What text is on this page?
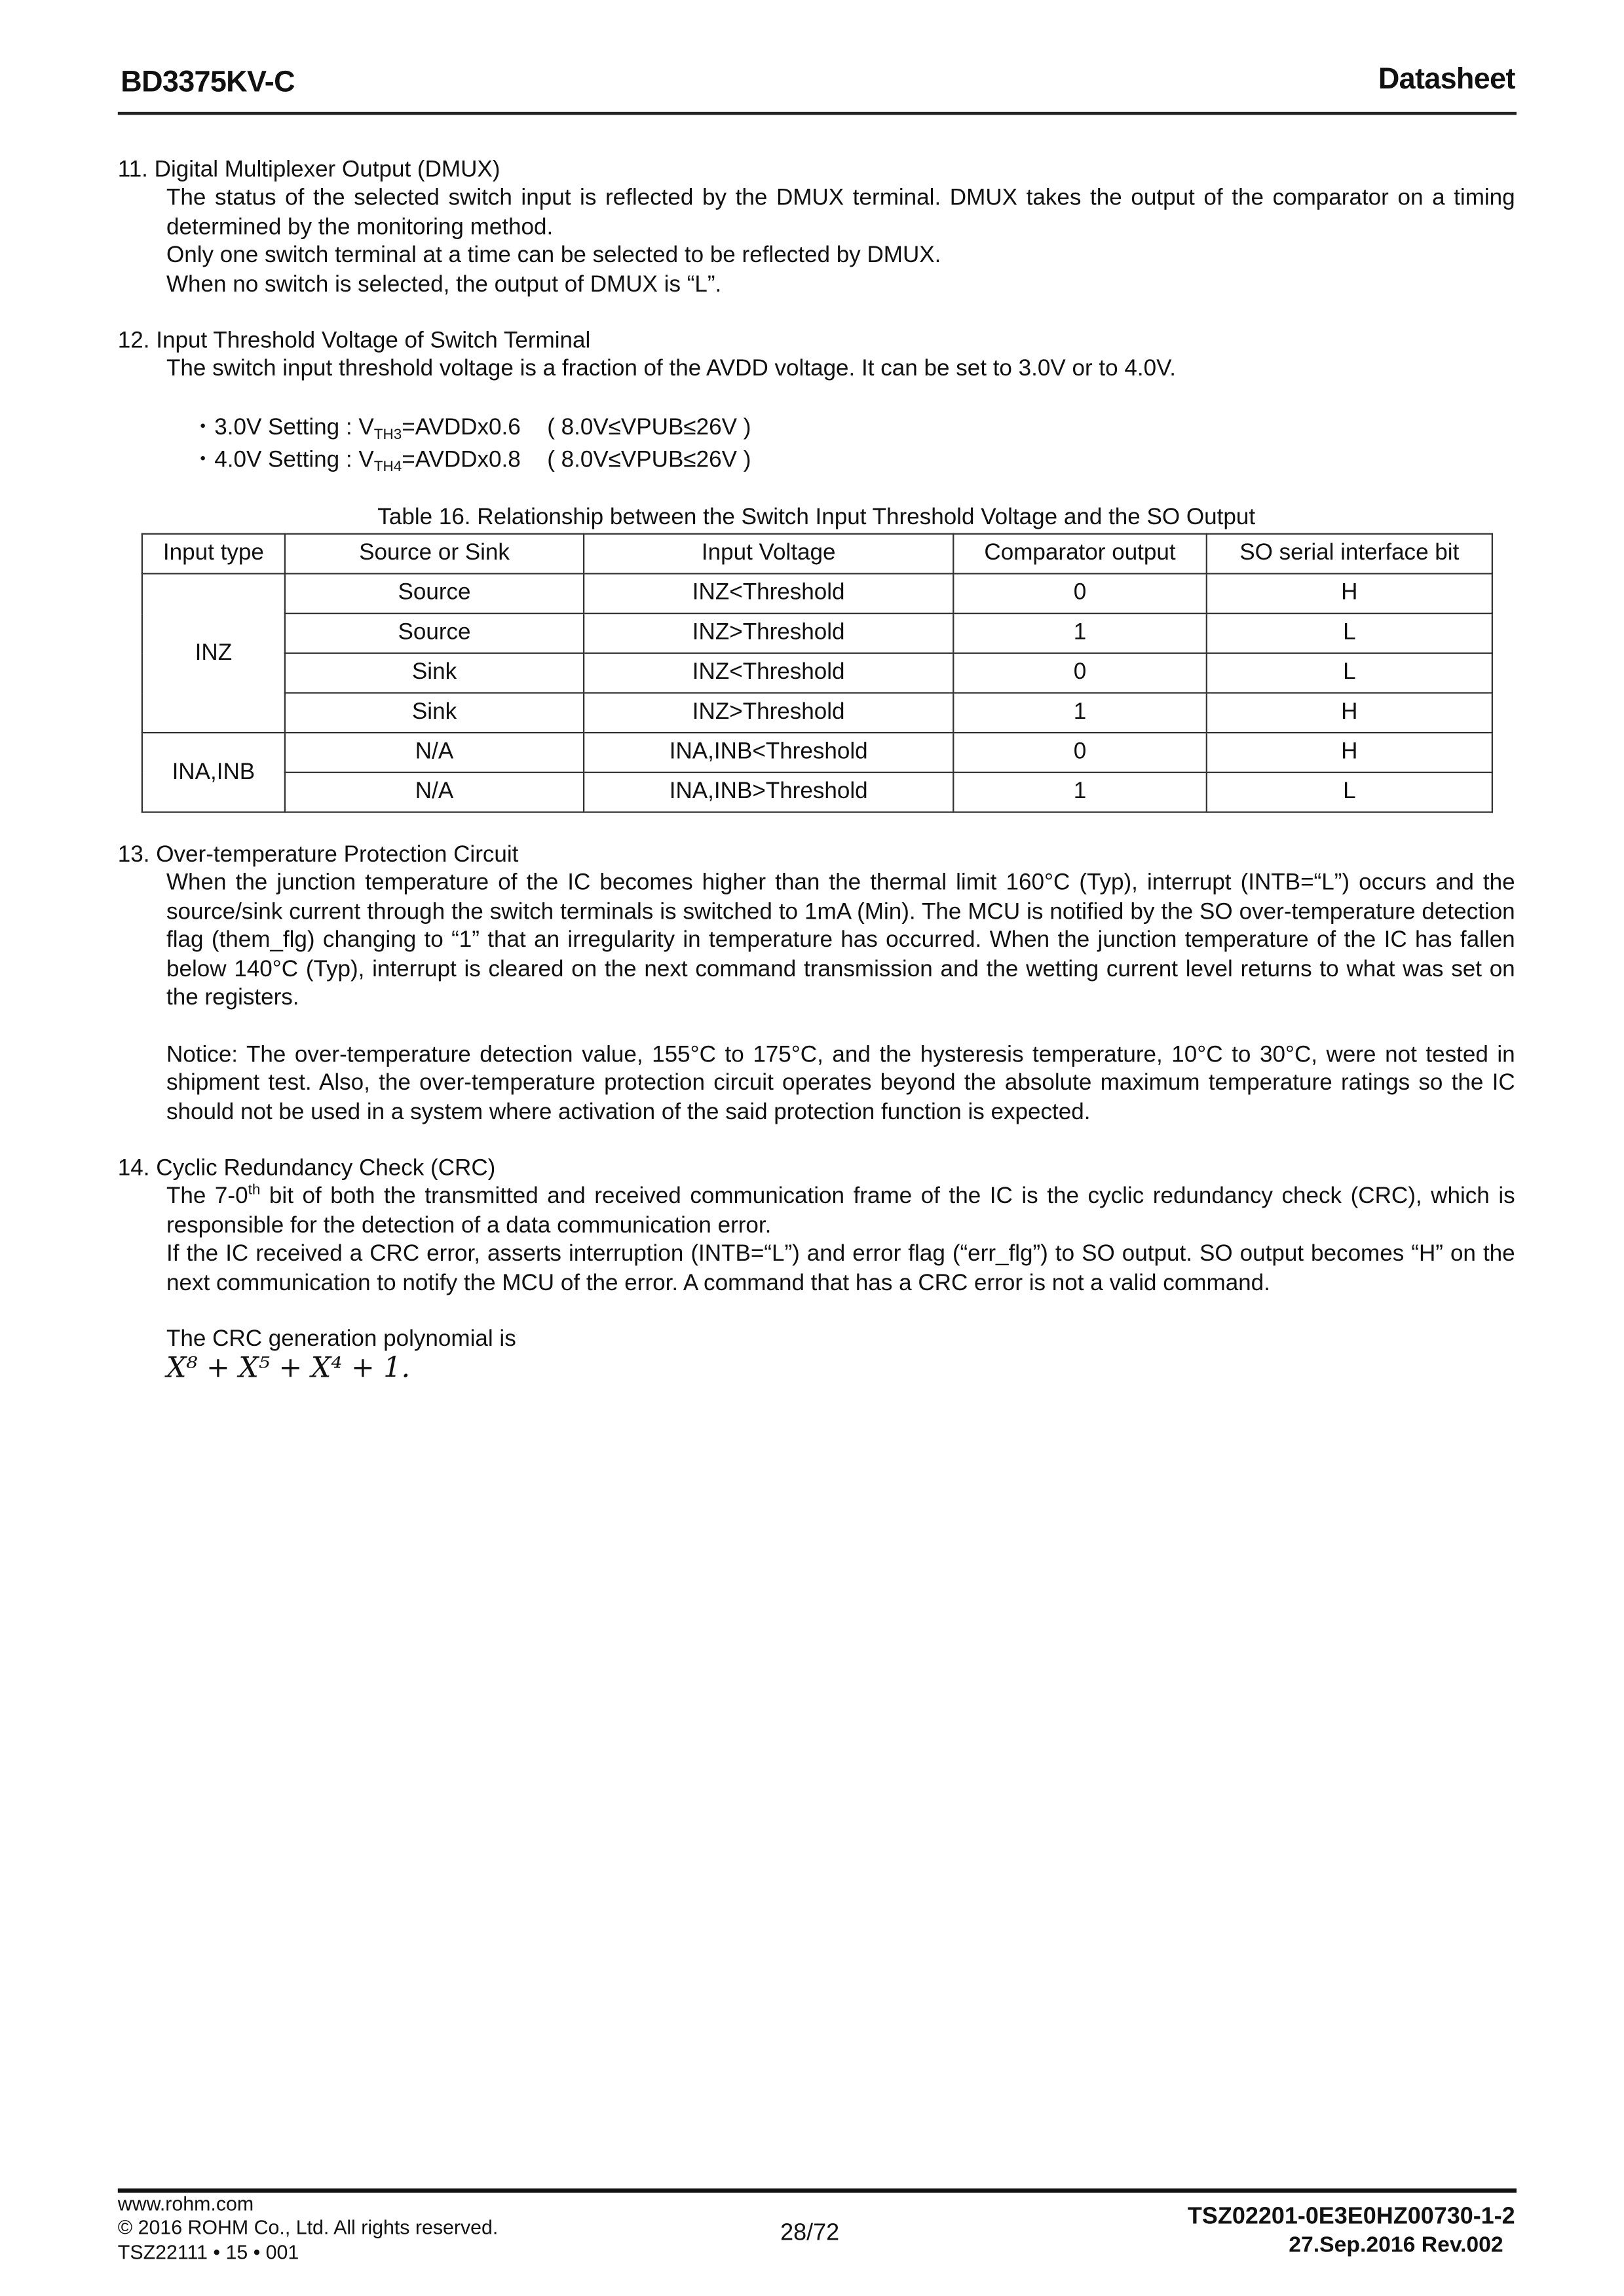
BD3375KV-C	Datasheet

11. Digital Multiplexer Output (DMUX)

The status of the selected switch input is reflected by the DMUX terminal. DMUX takes the output of the comparator on a timing determined by the monitoring method.

Only one switch terminal at a time can be selected to be reflected by DMUX.

When no switch is selected, the output of DMUX is “L”.

12. Input Threshold Voltage of Switch Terminal

The switch input threshold voltage is a fraction of the AVDD voltage. It can be set to 3.0V or to 4.0V.

・3.0V Setting : $V_{TH3}=AVDDx0.6$	( 8.0V≤VPUB≤26V )
・4.0V Setting : $V_{TH4}=AVDDx0.8$	( 8.0V≤VPUB≤26V )
Table 16. Relationship between the Switch Input Threshold Voltage and the SO Output
Input type	Source or Sink	Input Voltage	Comparator output	SO serial interface bit
INZ	Source	INZ<Threshold	0	H
	Source	INZ>Threshold	1	L
	Sink	INZ<Threshold	0	L
	Sink	INZ>Threshold	1	H
INA,INB	N/A	INA,INB<Threshold	0	H
	N/A	INA,INB>Threshold	1	L

13. Over-temperature Protection Circuit

When the junction temperature of the IC becomes higher than the thermal limit 160°C (Typ), interrupt (INTB=“L”) occurs and the source/sink current through the switch terminals is switched to 1mA (Min). The MCU is notified by the SO over-temperature detection flag (them_flg) changing to “1” that an irregularity in temperature has occurred. When the junction temperature of the IC has fallen below 140°C (Typ), interrupt is cleared on the next command transmission and the wetting current level returns to what was set on the registers.

Notice: The over-temperature detection value, 155°C to 175°C, and the hysteresis temperature, 10°C to 30°C, were not tested in shipment test. Also, the over-temperature protection circuit operates beyond the absolute maximum temperature ratings so the IC should not be used in a system where activation of the said protection function is expected.

14. Cyclic Redundancy Check (CRC)

The 7-0th bit of both the transmitted and received communication frame of the IC is the cyclic redundancy check (CRC), which is responsible for the detection of a data communication error.

If the IC received a CRC error, asserts interruption (INTB=“L”) and error flag (“err_flg”) to SO output. SO output becomes “H” on the next communication to notify the MCU of the error. A command that has a CRC error is not a valid command.

The CRC generation polynomial is

X⁸ + X⁵ + X⁴ + 1.

www.rohm.com
© 2016 ROHM Co., Ltd. All rights reserved.
TSZ22111 • 15 • 001
28/72
TSZ02201-0E3E0HZ00730-1-2
27.Sep.2016 Rev.002
